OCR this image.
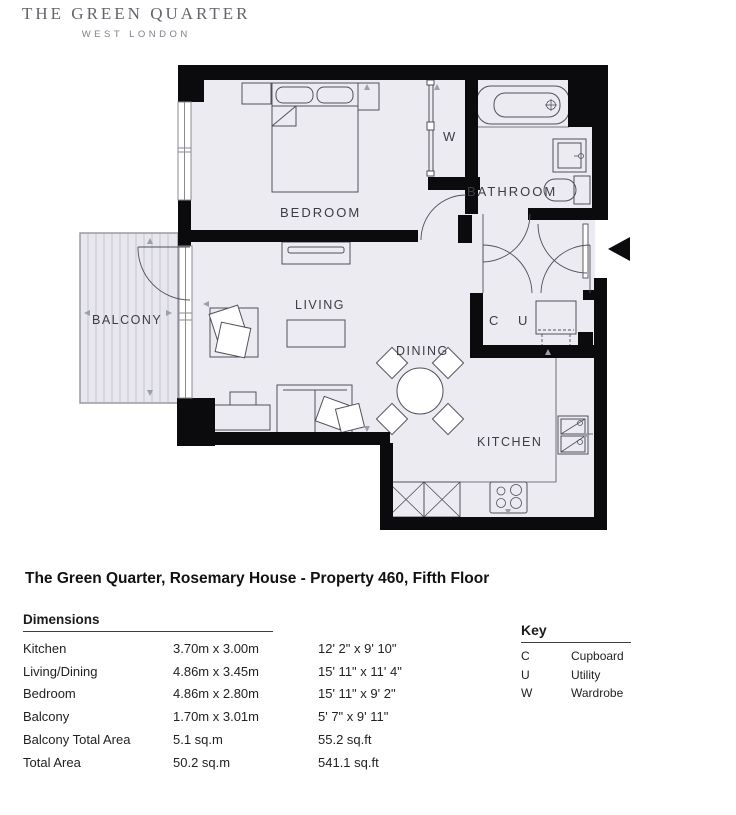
THE GREEN QUARTER
WEST LONDON
BEDROOM
LIVING
DINING
KITCHEN
BATHROOM
BALCONY
W
C U
The Green Quarter, Rosemary House - Property 460, Fifth Floor
Dimensions
Kitchen	3.70m x 3.00m	12' 2" x 9' 10"
Living/Dining	4.86m x 3.45m	15' 11" x 11' 4"
Bedroom	4.86m x 2.80m	15' 11" x 9' 2"
Balcony	1.70m x 3.01m	5' 7" x 9' 11"
Balcony Total Area	5.1 sq.m	55.2 sq.ft
Total Area	50.2 sq.m	541.1 sq.ft
Key
C	Cupboard
U	Utility
W	Wardrobe
